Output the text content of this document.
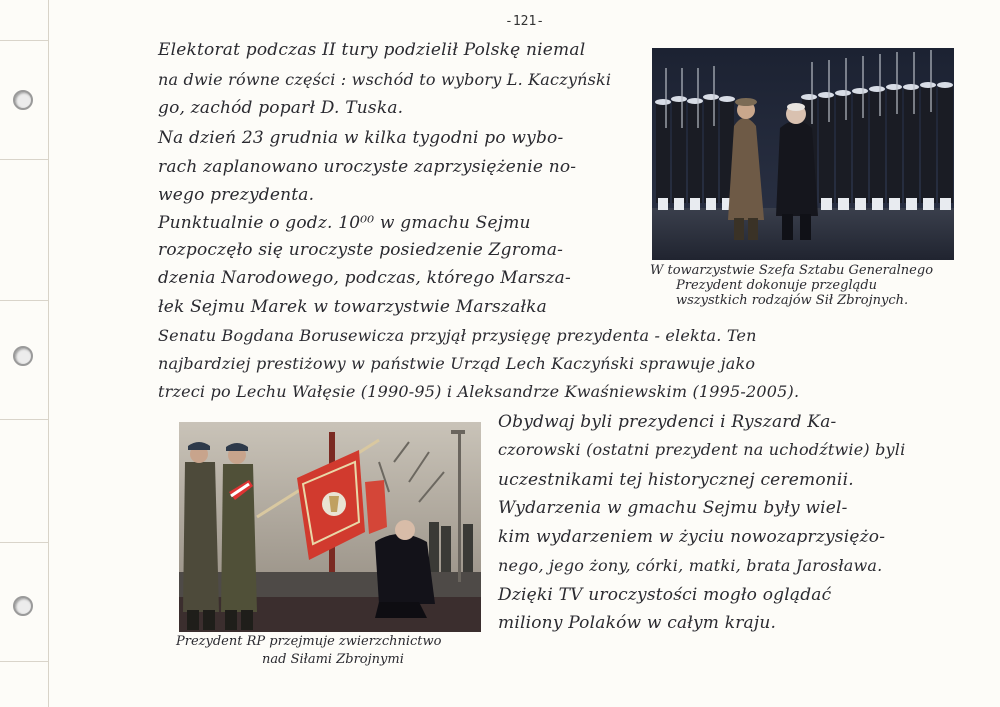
-121-

Elektorat podczas II tury podzielił Polskę niemal

na dwie równe części : wschód to wybory L. Kaczyński

go, zachód poparł D. Tuska.

Na dzień 23 grudnia w kilka tygodni po wybo-

rach zaplanowano uroczyste zaprzysiężenie no-

wego prezydenta.

Punktualnie o godz. 10⁰⁰ w gmachu Sejmu

rozpoczęło się uroczyste posiedzenie Zgroma-

dzenia Narodowego, podczas, którego Marsza-

łek Sejmu Marek w towarzystwie Marszałka

Senatu Bogdana Borusewicza przyjął przysięgę prezydenta - elekta. Ten

najbardziej prestiżowy w państwie Urząd Lech Kaczyński sprawuje jako

trzeci po Lechu Wałęsie (1990-95) i Aleksandrze Kwaśniewskim (1995-2005).

Obydwaj byli prezydenci i Ryszard Ka-

czorowski (ostatni prezydent na uchodźtwie) byli

uczestnikami tej historycznej ceremonii.

Wydarzenia w gmachu Sejmu były wiel-

kim wydarzeniem w życiu nowozaprzysiężo-

nego, jego żony, córki, matki, brata Jarosława.

Dzięki TV uroczystości mogło oglądać

miliony Polaków w całym kraju.

W towarzystwie Szefa Sztabu Generalnego

Prezydent dokonuje przeglądu

wszystkich rodzajów Sił Zbrojnych.

Prezydent RP przejmuje zwierzchnictwo

nad Siłami Zbrojnymi
